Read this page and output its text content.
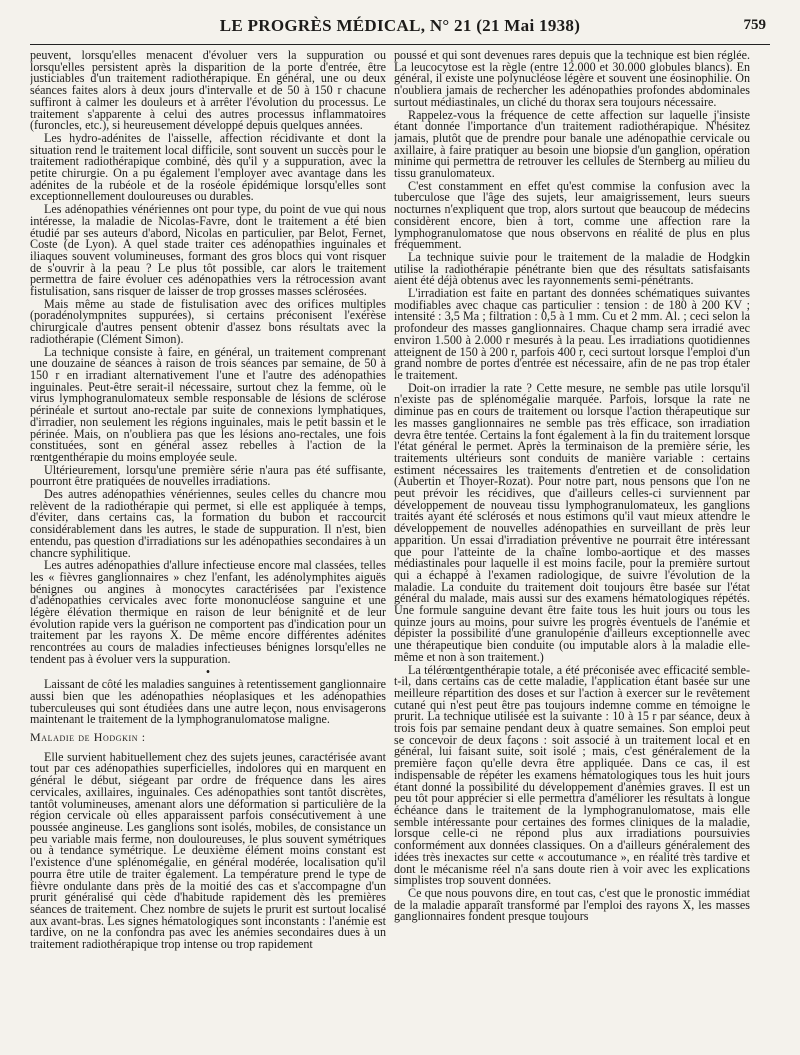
LE PROGRÈS MÉDICAL, N° 21 (21 Mai 1938)	759

peuvent, lorsqu'elles menacent d'évoluer vers la suppuration ou lorsqu'elles persistent après la disparition de la porte d'entrée, être justiciables d'un traitement radiothérapique. En général, une ou deux séances faites alors à deux jours d'intervalle et de 50 à 150 r chacune suffiront à calmer les douleurs et à arrêter l'évolution du processus. Le traitement s'apparente à celui des autres processus inflammatoires (furoncles, etc.), si heureusement développé depuis quelques années.

Les hydro-adénites de l'aisselle, affection récidivante et dont la situation rend le traitement local difficile, sont souvent un succès pour le traitement radiothérapique combiné, dès qu'il y a suppuration, avec la petite chirurgie. On a pu également l'employer avec avantage dans les adénites de la rubéole et de la roséole épidémique lorsqu'elles sont exceptionnellement douloureuses ou durables.

Les adénopathies vénériennes ont pour type, du point de vue qui nous intéresse, la maladie de Nicolas-Favre, dont le traitement a été bien étudié par ses auteurs d'abord, Nicolas en particulier, par Belot, Fernet, Coste (de Lyon). A quel stade traiter ces adénopathies inguinales et iliaques souvent volumineuses, formant des gros blocs qui vont risquer de s'ouvrir à la peau ? Le plus tôt possible, car alors le traitement permettra de faire évoluer ces adénopathies vers la rétrocession avant fistulisation, sans risquer de laisser de trop grosses masses sclérosées.

Mais même au stade de fistulisation avec des orifices multiples (poradénolympnites suppurées), si certains préconisent l'exérèse chirurgicale d'autres pensent obtenir d'assez bons résultats avec la radiothérapie (Clément Simon).

La technique consiste à faire, en général, un traitement comprenant une douzaine de séances à raison de trois séances par semaine, de 50 à 150 r en irradiant alternativement l'une et l'autre des adénopathies inguinales. Peut-être serait-il nécessaire, surtout chez la femme, où le virus lymphogranulomateux semble responsable de lésions de sclérose périnéale et surtout ano-rectale par suite de connexions lymphatiques, d'irradier, non seulement les régions inguinales, mais le petit bassin et le périnée. Mais, on n'oubliera pas que les lésions ano-rectales, une fois constituées, sont en général assez rebelles à l'action de la rœntgenthérapie du moins employée seule.

Ultérieurement, lorsqu'une première série n'aura pas été suffisante, pourront être pratiquées de nouvelles irradiations.

Des autres adénopathies vénériennes, seules celles du chancre mou relèvent de la radiothérapie qui permet, si elle est appliquée à temps, d'éviter, dans certains cas, la formation du bubon et raccourcit considérablement dans les autres, le stade de suppuration. Il n'est, bien entendu, pas question d'irradiations sur les adénopathies secondaires à un chancre syphilitique.

Les autres adénopathies d'allure infectieuse encore mal classées, telles les « fièvres ganglionnaires » chez l'enfant, les adénolymphites aiguës bénignes ou angines à monocytes caractérisées par l'existence d'adénopathies cervicales avec forte mononucléose sanguine et une légère élévation thermique en raison de leur bénignité et de leur évolution rapide vers la guérison ne comportent pas d'indication pour un traitement par les rayons X. De même encore différentes adénites rencontrées au cours de maladies infectieuses bénignes lorsqu'elles ne tendent pas à évoluer vers la suppuration.

•

Laissant de côté les maladies sanguines à retentissement ganglionnaire aussi bien que les adénopathies néoplasiques et les adénopathies tuberculeuses qui sont étudiées dans une autre leçon, nous envisagerons maintenant le traitement de la lymphogranulomatose maligne.

Maladie de Hodgkin :

Elle survient habituellement chez des sujets jeunes, caractérisée avant tout par ces adénopathies superficielles, indolores qui en marquent en général le début, siégeant par ordre de fréquence dans les aires cervicales, axillaires, inguinales. Ces adénopathies sont tantôt discrètes, tantôt volumineuses, amenant alors une déformation si particulière de la région cervicale où elles apparaissent parfois consécutivement à une poussée angineuse. Les ganglions sont isolés, mobiles, de consistance un peu variable mais ferme, non douloureuses, le plus souvent symétriques ou à tendance symétrique. Le deuxième élément moins constant est l'existence d'une splénomégalie, en général modérée, localisation qu'il pourra être utile de traiter également. La température prend le type de fièvre ondulante dans près de la moitié des cas et s'accompagne d'un prurit généralisé qui cède d'habitude rapidement dès les premières séances de traitement. Chez nombre de sujets le prurit est surtout localisé aux avant-bras. Les signes hématologiques sont inconstants : l'anémie est tardive, on ne la confondra pas avec les anémies secondaires dues à un traitement radiothérapique trop intense ou trop rapidement

poussé et qui sont devenues rares depuis que la technique est bien réglée. La leucocytose est la règle (entre 12.000 et 30.000 globules blancs). En général, il existe une polynucléose légère et souvent une éosinophilie. On n'oubliera jamais de rechercher les adénopathies profondes abdominales surtout médiastinales, un cliché du thorax sera toujours nécessaire.

Rappelez-vous la fréquence de cette affection sur laquelle j'insiste étant donnée l'importance d'un traitement radiothérapique. N'hésitez jamais, plutôt que de prendre pour banale une adénopathie cervicale ou axillaire, à faire pratiquer au besoin une biopsie d'un ganglion, opération minime qui permettra de retrouver les cellules de Sternberg au milieu du tissu granulomateux.

C'est constamment en effet qu'est commise la confusion avec la tuberculose que l'âge des sujets, leur amaigrissement, leurs sueurs nocturnes n'expliquent que trop, alors surtout que beaucoup de médecins considèrent encore, bien à tort, comme une affection rare la lymphogranulomatose que nous observons en réalité de plus en plus fréquemment.

La technique suivie pour le traitement de la maladie de Hodgkin utilise la radiothérapie pénétrante bien que des résultats satisfaisants aient été déjà obtenus avec les rayonnements semi-pénétrants.

L'irradiation est faite en partant des données schématiques suivantes modifiables avec chaque cas particulier : tension : de 180 à 200 KV ; intensité : 3,5 Ma ; filtration : 0,5 à 1 mm. Cu et 2 mm. Al. ; ceci selon la profondeur des masses ganglionnaires. Chaque champ sera irradié avec environ 1.500 à 2.000 r mesurés à la peau. Les irradiations quotidiennes atteignent de 150 à 200 r, parfois 400 r, ceci surtout lorsque l'emploi d'un grand nombre de portes d'entrée est nécessaire, afin de ne pas trop étaler le traitement.

Doit-on irradier la rate ? Cette mesure, ne semble pas utile lorsqu'il n'existe pas de splénomégalie marquée. Parfois, lorsque la rate ne diminue pas en cours de traitement ou lorsque l'action thérapeutique sur les masses ganglionnaires ne semble pas très efficace, son irradiation devra être tentée. Certains la font également à la fin du traitement lorsque l'état général le permet. Après la terminaison de la première série, les traitements ultérieurs sont conduits de manière variable : certains estiment nécessaires les traitements d'entretien et de consolidation (Aubertin et Thoyer-Rozat). Pour notre part, nous pensons que l'on ne peut prévoir les récidives, que d'ailleurs celles-ci surviennent par développement de nouveau tissu lymphogranulomateux, les ganglions traités ayant été sclérosés et nous estimons qu'il vaut mieux attendre le développement de nouvelles adénopathies en surveillant de près leur apparition. Un essai d'irradiation préventive ne pourrait être intéressant que pour l'atteinte de la chaîne lombo-aortique et des masses médiastinales pour laquelle il est moins facile, pour la première surtout qui a échappé à l'examen radiologique, de suivre l'évolution de la maladie. La conduite du traitement doit toujours être basée sur l'état général du malade, mais aussi sur des examens hématologiques répétés. Une formule sanguine devant être faite tous les huit jours ou tous les quinze jours au moins, pour suivre les progrès éventuels de l'anémie et dépister la possibilité d'une granulopénie d'ailleurs exceptionnelle avec une thérapeutique bien conduite (ou imputable alors à la maladie elle-même et non à son traitement.)

La télérœntgenthérapie totale, a été préconisée avec efficacité semble-t-il, dans certains cas de cette maladie, l'application étant basée sur une meilleure répartition des doses et sur l'action à exercer sur le revêtement cutané qui n'est peut être pas toujours indemne comme en témoigne le prurit. La technique utilisée est la suivante : 10 à 15 r par séance, deux à trois fois par semaine pendant deux à quatre semaines. Son emploi peut se concevoir de deux façons : soit associé à un traitement local et en général, lui faisant suite, soit isolé ; mais, c'est généralement de la première façon qu'elle devra être appliquée. Dans ce cas, il est indispensable de répéter les examens hématologiques tous les huit jours étant donné la possibilité du développement d'anémies graves. Il est un peu tôt pour apprécier si elle permettra d'améliorer les résultats à longue échéance dans le traitement de la lymphogranulomatose, mais elle semble intéressante pour certaines des formes cliniques de la maladie, lorsque celle-ci ne répond plus aux irradiations poursuivies conformément aux données classiques. On a d'ailleurs généralement des idées très inexactes sur cette « accoutumance », en réalité très tardive et dont le mécanisme réel n'a sans doute rien à voir avec les explications simplistes trop souvent données.

Ce que nous pouvons dire, en tout cas, c'est que le pronostic immédiat de la maladie apparaît transformé par l'emploi des rayons X, les masses ganglionnaires fondent presque toujours
